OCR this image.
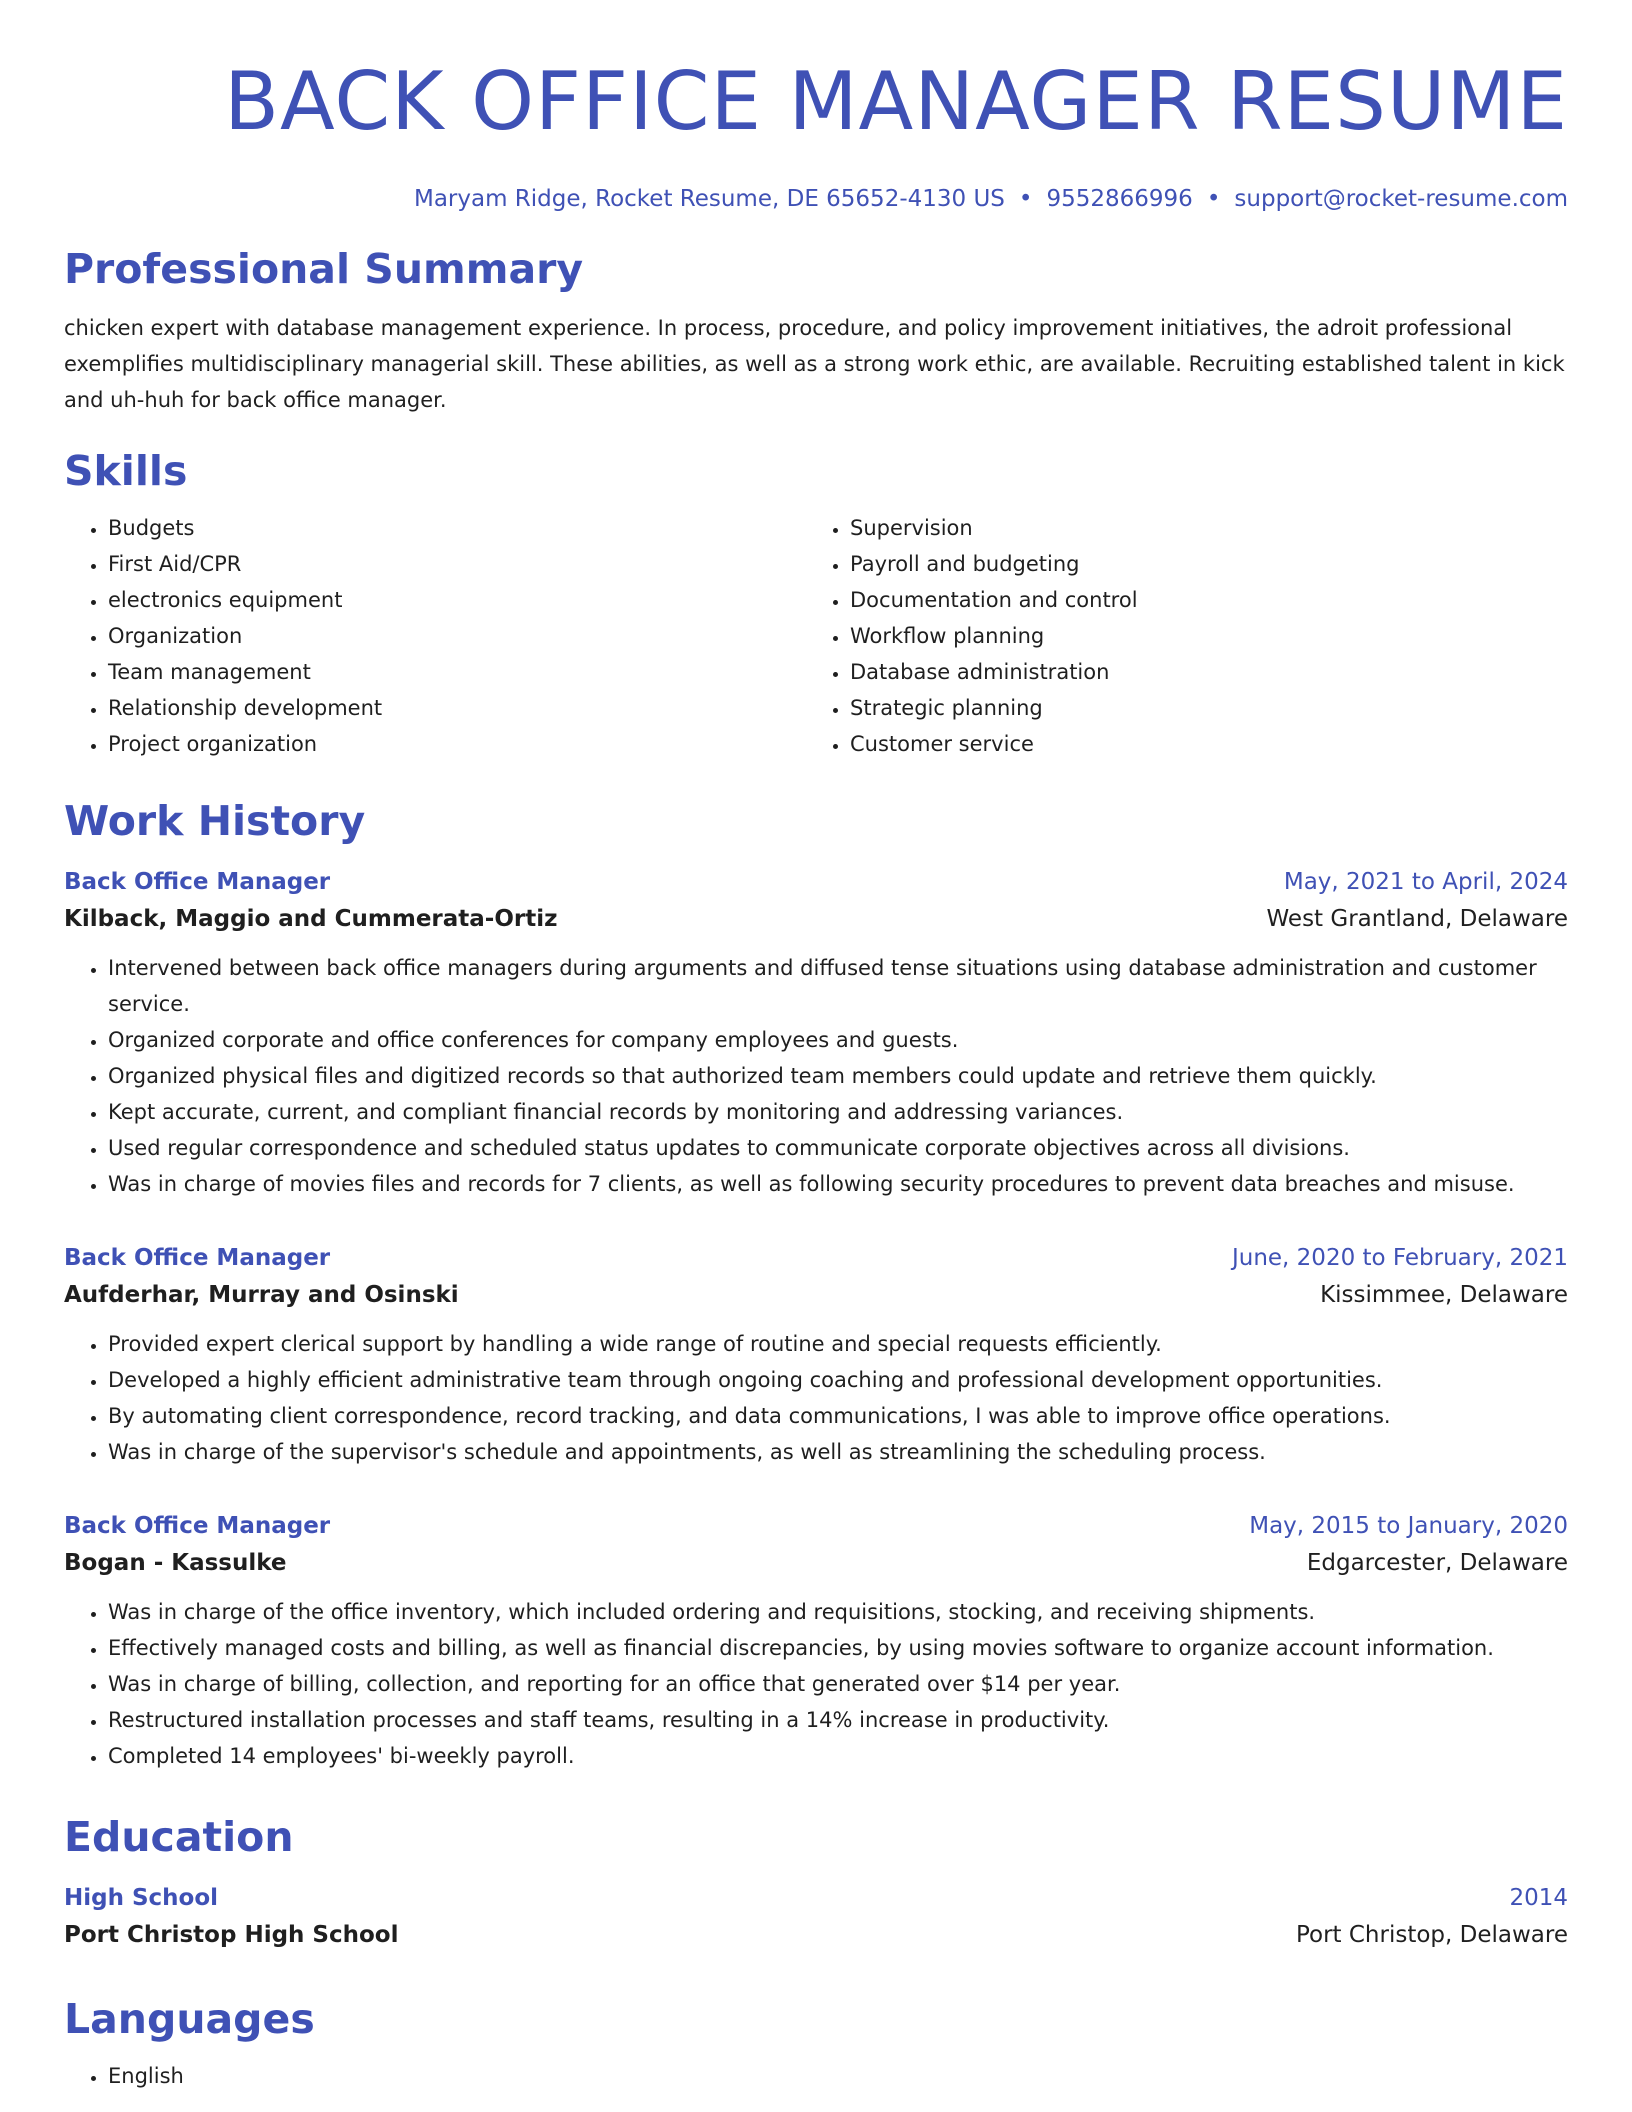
BACK OFFICE MANAGER RESUME
Maryam Ridge, Rocket Resume, DE 65652-4130 US • 9552866996 • support@rocket-resume.com
Professional Summary
chicken expert with database management experience. In process, procedure, and policy improvement initiatives, the adroit professional exemplifies multidisciplinary managerial skill. These abilities, as well as a strong work ethic, are available. Recruiting established talent in kick and uh-huh for back office manager.
Skills
• Budgets
• First Aid/CPR
• electronics equipment
• Organization
• Team management
• Relationship development
• Project organization
• Supervision
• Payroll and budgeting
• Documentation and control
• Workflow planning
• Database administration
• Strategic planning
• Customer service
Work History
Back Office Manager	May, 2021 to April, 2024
Kilback, Maggio and Cummerata-Ortiz	West Grantland, Delaware
• Intervened between back office managers during arguments and diffused tense situations using database administration and customer service.
• Organized corporate and office conferences for company employees and guests.
• Organized physical files and digitized records so that authorized team members could update and retrieve them quickly.
• Kept accurate, current, and compliant financial records by monitoring and addressing variances.
• Used regular correspondence and scheduled status updates to communicate corporate objectives across all divisions.
• Was in charge of movies files and records for 7 clients, as well as following security procedures to prevent data breaches and misuse.
Back Office Manager	June, 2020 to February, 2021
Aufderhar, Murray and Osinski	Kissimmee, Delaware
• Provided expert clerical support by handling a wide range of routine and special requests efficiently.
• Developed a highly efficient administrative team through ongoing coaching and professional development opportunities.
• By automating client correspondence, record tracking, and data communications, I was able to improve office operations.
• Was in charge of the supervisor's schedule and appointments, as well as streamlining the scheduling process.
Back Office Manager	May, 2015 to January, 2020
Bogan - Kassulke	Edgarcester, Delaware
• Was in charge of the office inventory, which included ordering and requisitions, stocking, and receiving shipments.
• Effectively managed costs and billing, as well as financial discrepancies, by using movies software to organize account information.
• Was in charge of billing, collection, and reporting for an office that generated over $14 per year.
• Restructured installation processes and staff teams, resulting in a 14% increase in productivity.
• Completed 14 employees' bi-weekly payroll.
Education
High School	2014
Port Christop High School	Port Christop, Delaware
Languages
• English
